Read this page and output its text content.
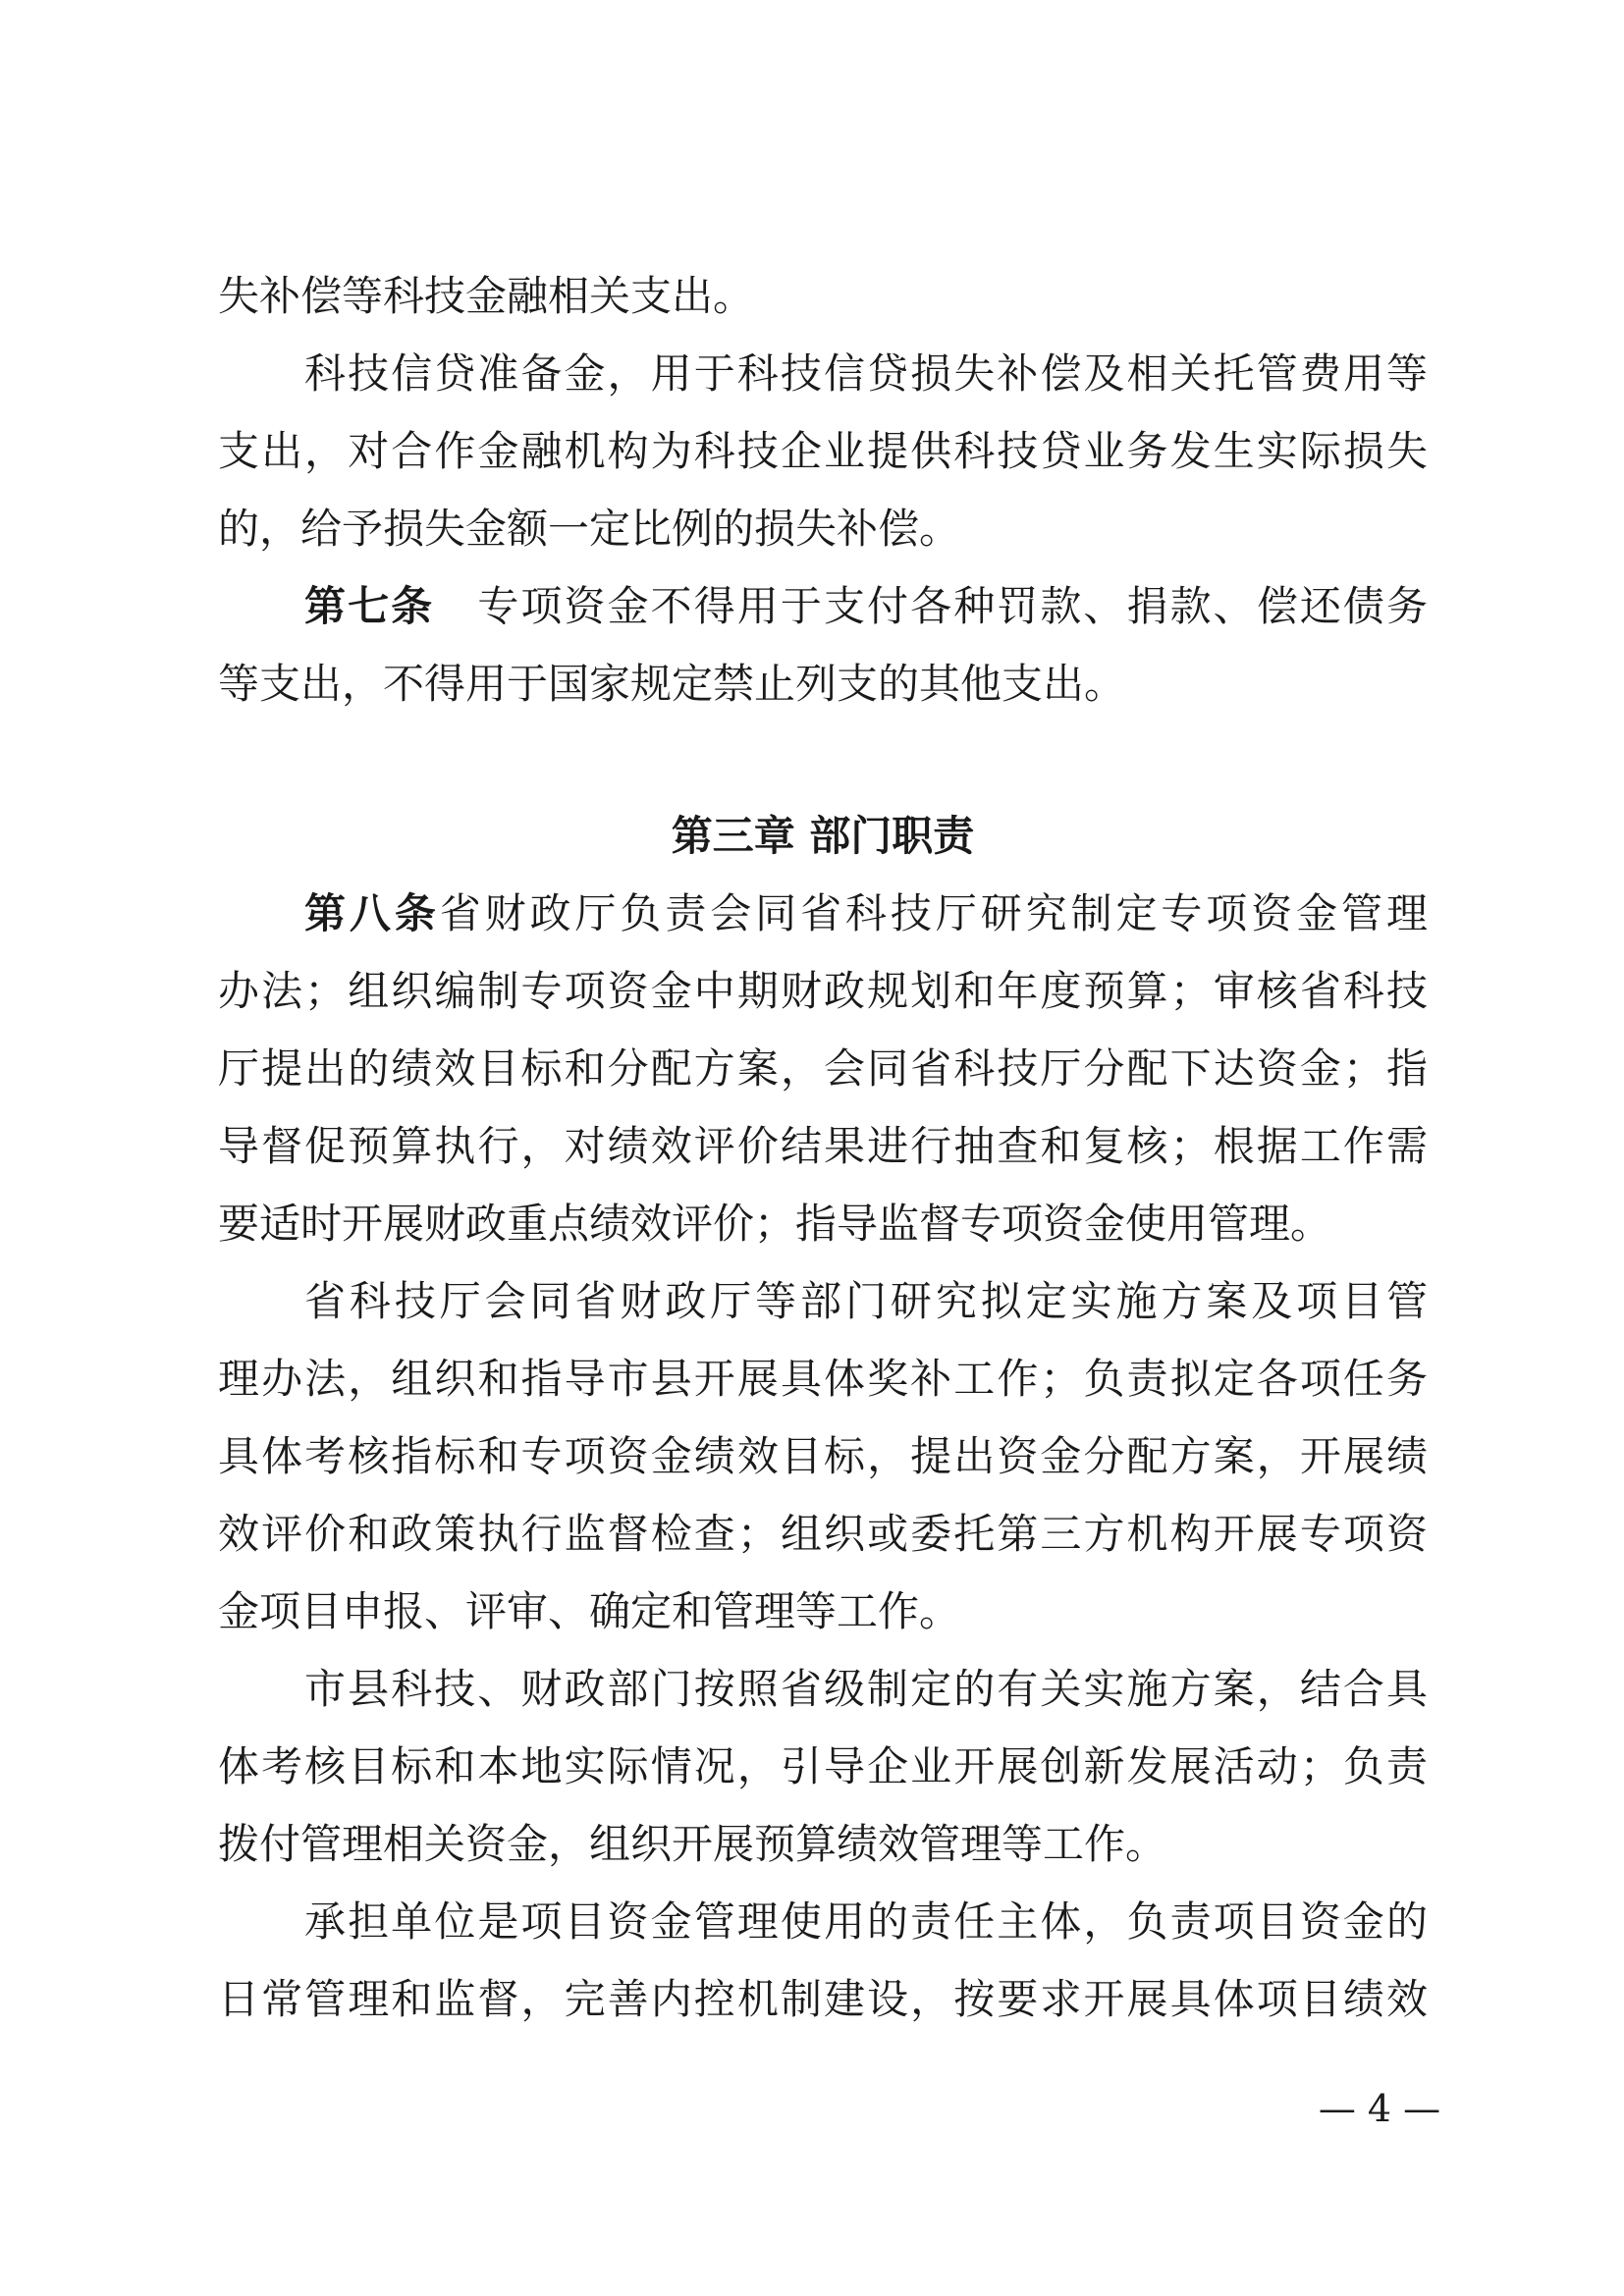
失补偿等科技金融相关支出。
科技信贷准备金，用于科技信贷损失补偿及相关托管费用等
支出，对合作金融机构为科技企业提供科技贷业务发生实际损失
的，给予损失金额一定比例的损失补偿。
第七条 专项资金不得用于支付各种罚款、捐款、偿还债务
等支出，不得用于国家规定禁止列支的其他支出。
第三章 部门职责
第八条省财政厅负责会同省科技厅研究制定专项资金管理
办法；组织编制专项资金中期财政规划和年度预算；审核省科技
厅提出的绩效目标和分配方案，会同省科技厅分配下达资金；指
导督促预算执行，对绩效评价结果进行抽查和复核；根据工作需
要适时开展财政重点绩效评价；指导监督专项资金使用管理。
省科技厅会同省财政厅等部门研究拟定实施方案及项目管
理办法，组织和指导市县开展具体奖补工作；负责拟定各项任务
具体考核指标和专项资金绩效目标，提出资金分配方案，开展绩
效评价和政策执行监督检查；组织或委托第三方机构开展专项资
金项目申报、评审、确定和管理等工作。
市县科技、财政部门按照省级制定的有关实施方案，结合具
体考核目标和本地实际情况，引导企业开展创新发展活动；负责
拨付管理相关资金，组织开展预算绩效管理等工作。
承担单位是项目资金管理使用的责任主体，负责项目资金的
日常管理和监督，完善内控机制建设，按要求开展具体项目绩效
— 4 —
